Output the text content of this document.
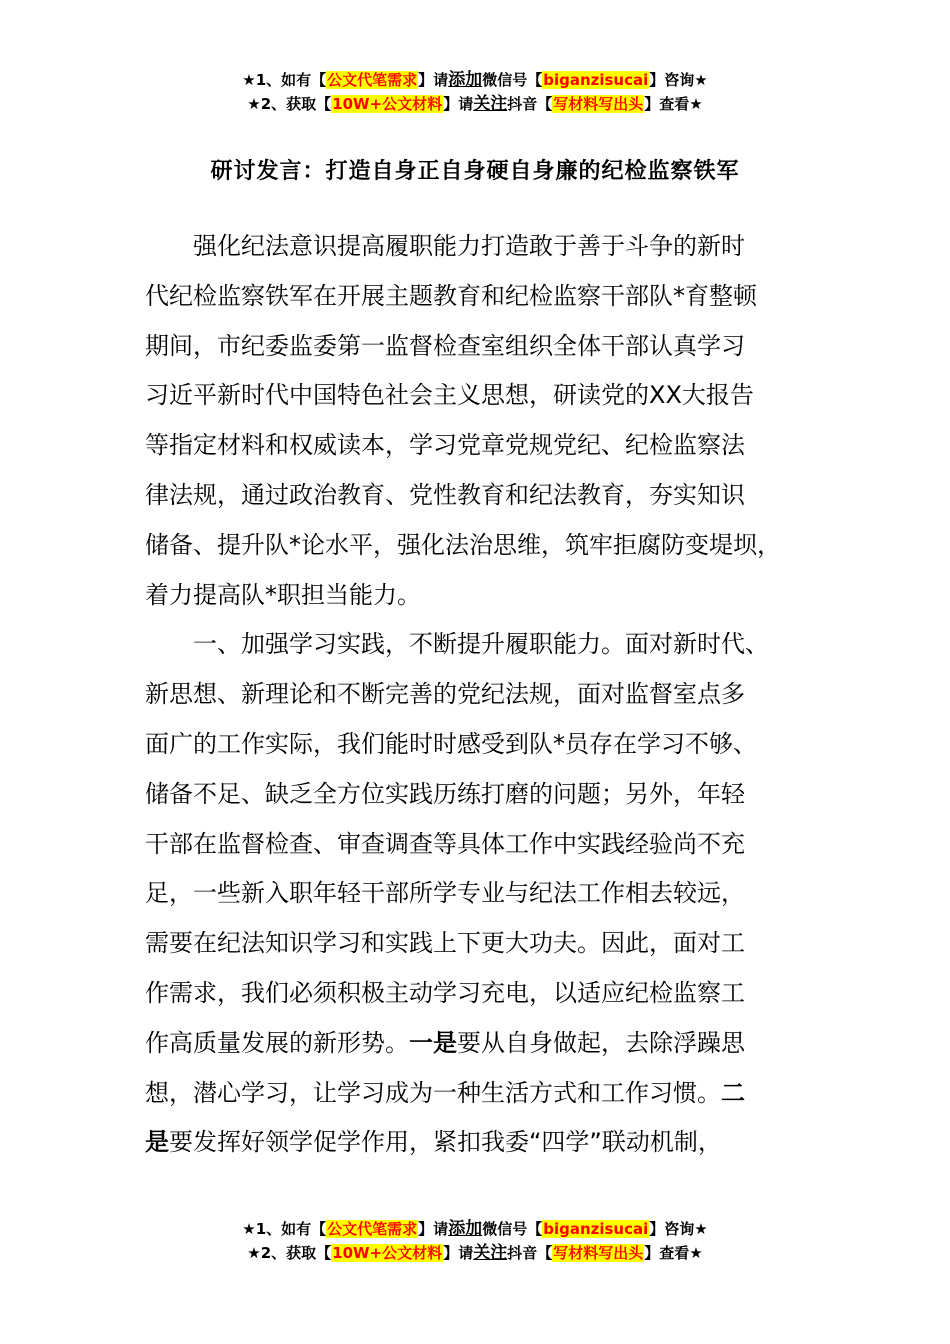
★1、如有【公文代笔需求】请添加微信号【biganzisucai】咨询★
★2、获取【10W+公文材料】请关注抖音【写材料写出头】查看★
研讨发言：打造自身正自身硬自身廉的纪检监察铁军
　　强化纪法意识提高履职能力打造敢于善于斗争的新时
代纪检监察铁军在开展主题教育和纪检监察干部队*育整顿
期间，市纪委监委第一监督检查室组织全体干部认真学习
习近平新时代中国特色社会主义思想，研读党的XX大报告
等指定材料和权威读本，学习党章党规党纪、纪检监察法
律法规，通过政治教育、党性教育和纪法教育，夯实知识
储备、提升队*论水平，强化法治思维，筑牢拒腐防变堤坝，
着力提高队*职担当能力。
　　一、加强学习实践，不断提升履职能力。面对新时代、
新思想、新理论和不断完善的党纪法规，面对监督室点多
面广的工作实际，我们能时时感受到队*员存在学习不够、
储备不足、缺乏全方位实践历练打磨的问题；另外，年轻
干部在监督检查、审查调查等具体工作中实践经验尚不充
足，一些新入职年轻干部所学专业与纪法工作相去较远，
需要在纪法知识学习和实践上下更大功夫。因此，面对工
作需求，我们必须积极主动学习充电，以适应纪检监察工
作高质量发展的新形势。一是要从自身做起，去除浮躁思
想，潜心学习，让学习成为一种生活方式和工作习惯。二
是要发挥好领学促学作用，紧扣我委“四学”联动机制，
★1、如有【公文代笔需求】请添加微信号【biganzisucai】咨询★
★2、获取【10W+公文材料】请关注抖音【写材料写出头】查看★
